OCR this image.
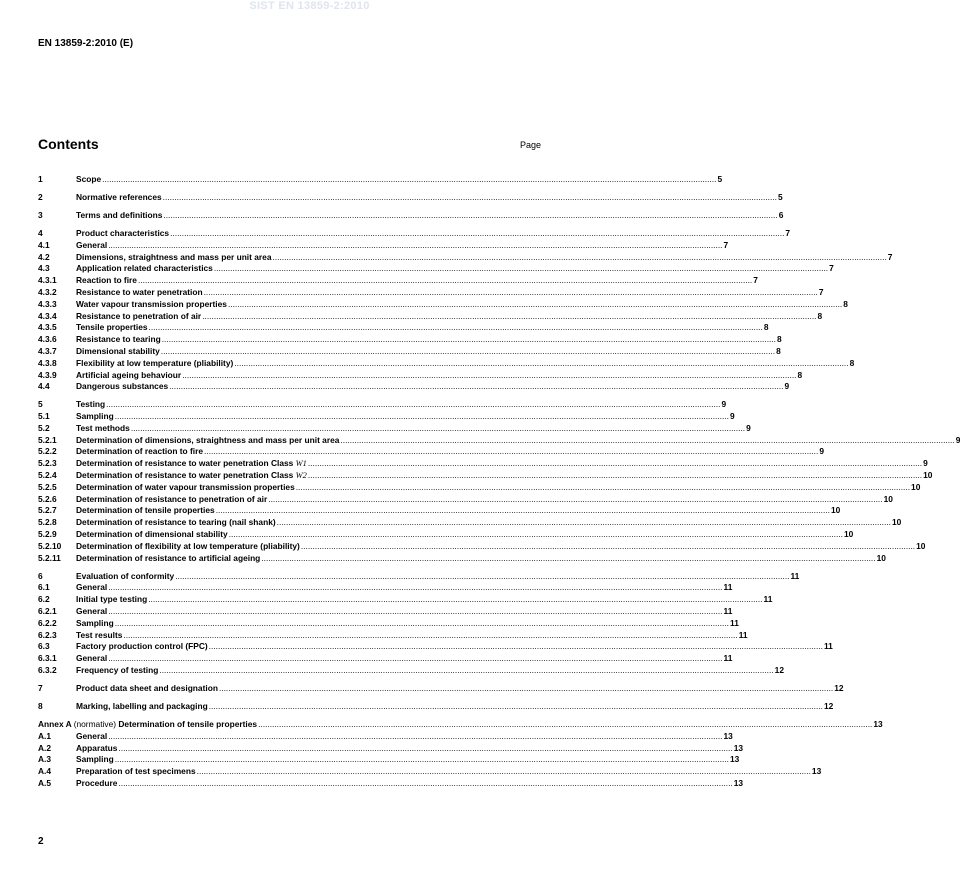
SIST EN 13859-2:2010
EN 13859-2:2010 (E)
Contents	Page
1	Scope .....	5
2	Normative references .....	5
3	Terms and definitions .....	6
4	Product characteristics .....	7
4.1	General .....	7
4.2	Dimensions, straightness and mass per unit area .....	7
4.3	Application related characteristics .....	7
4.3.1	Reaction to fire .....	7
4.3.2	Resistance to water penetration .....	7
4.3.3	Water vapour transmission properties .....	8
4.3.4	Resistance to penetration of air .....	8
4.3.5	Tensile properties .....	8
4.3.6	Resistance to tearing .....	8
4.3.7	Dimensional stability .....	8
4.3.8	Flexibility at low temperature (pliability) .....	8
4.3.9	Artificial ageing behaviour .....	8
4.4	Dangerous substances .....	9
5	Testing .....	9
5.1	Sampling .....	9
5.2	Test methods .....	9
5.2.1	Determination of dimensions, straightness and mass per unit area .....	9
5.2.2	Determination of reaction to fire .....	9
5.2.3	Determination of resistance to water penetration Class W1 .....	9
5.2.4	Determination of resistance to water penetration Class W2 .....	10
5.2.5	Determination of water vapour transmission properties .....	10
5.2.6	Determination of resistance to penetration of air .....	10
5.2.7	Determination of tensile properties .....	10
5.2.8	Determination of resistance to tearing (nail shank) .....	10
5.2.9	Determination of dimensional stability .....	10
5.2.10	Determination of flexibility at low temperature (pliability) .....	10
5.2.11	Determination of resistance to artificial ageing .....	10
6	Evaluation of conformity .....	11
6.1	General .....	11
6.2	Initial type testing .....	11
6.2.1	General .....	11
6.2.2	Sampling .....	11
6.2.3	Test results .....	11
6.3	Factory production control (FPC) .....	11
6.3.1	General .....	11
6.3.2	Frequency of testing .....	12
7	Product data sheet and designation .....	12
8	Marking, labelling and packaging .....	12
Annex A (normative) Determination of tensile properties .....	13
A.1	General .....	13
A.2	Apparatus .....	13
A.3	Sampling .....	13
A.4	Preparation of test specimens .....	13
A.5	Procedure .....	13
2
